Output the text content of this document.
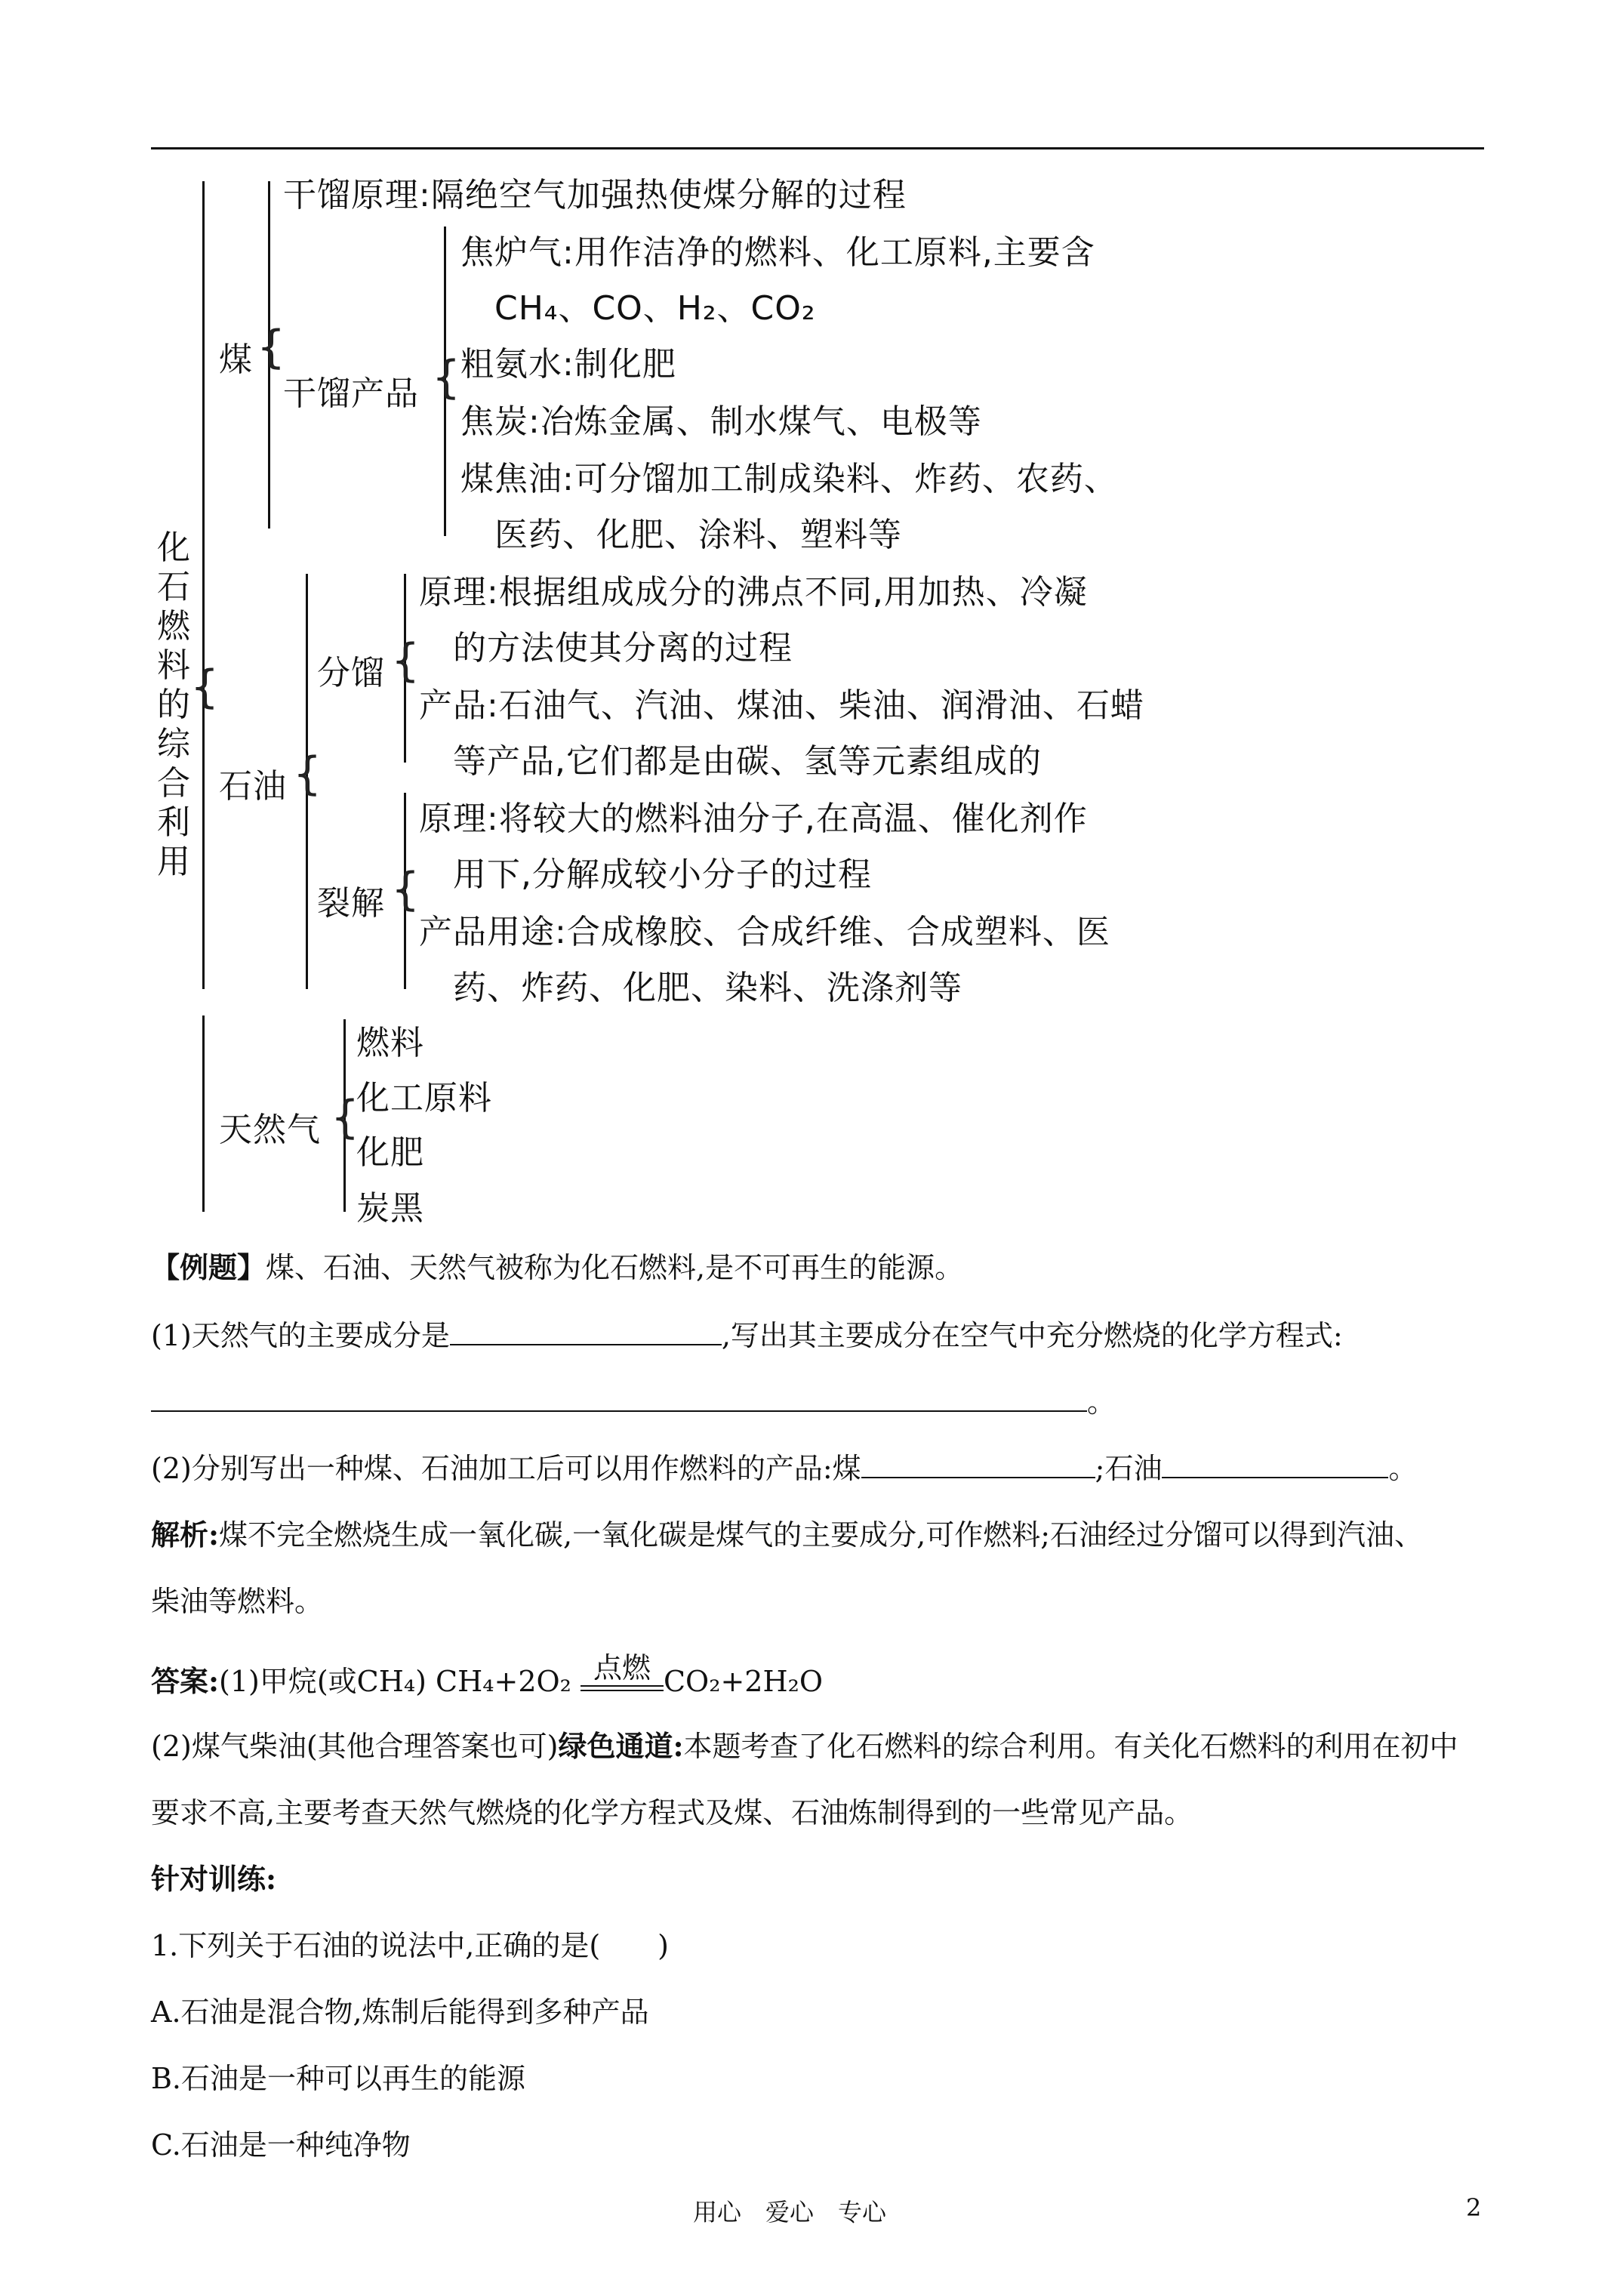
化石燃料的综合利用
{
煤 {
干馏原理:隔绝空气加强热使煤分解的过程
干馏产品 {
焦炉气:用作洁净的燃料、化工原料,主要含
CH₄、CO、H₂、CO₂
粗氨水:制化肥
焦炭:冶炼金属、制水煤气、电极等
煤焦油:可分馏加工制成染料、炸药、农药、
医药、化肥、涂料、塑料等
石油 {
分馏 {
原理:根据组成成分的沸点不同,用加热、冷凝
的方法使其分离的过程
产品:石油气、汽油、煤油、柴油、润滑油、石蜡
等产品,它们都是由碳、氢等元素组成的
裂解 {
原理:将较大的燃料油分子,在高温、催化剂作
用下,分解成较小分子的过程
产品用途:合成橡胶、合成纤维、合成塑料、医
药、炸药、化肥、染料、洗涤剂等
天然气 {
燃料
化工原料
化肥
炭黑
【例题】煤、石油、天然气被称为化石燃料,是不可再生的能源。
(1)天然气的主要成分是	,写出其主要成分在空气中充分燃烧的化学方程式:
。
(2)分别写出一种煤、石油加工后可以用作燃料的产品:煤	;石油	。
解析:煤不完全燃烧生成一氧化碳,一氧化碳是煤气的主要成分,可作燃料;石油经过分馏可以得到汽油、
柴油等燃料。
答案:(1)甲烷(或CH₄) CH₄+2O₂ 点燃 CO₂+2H₂O
(2)煤气柴油(其他合理答案也可)绿色通道:本题考查了化石燃料的综合利用。有关化石燃料的利用在初中
要求不高,主要考查天然气燃烧的化学方程式及煤、石油炼制得到的一些常见产品。
针对训练:
1.下列关于石油的说法中,正确的是(　　)
A.石油是混合物,炼制后能得到多种产品
B.石油是一种可以再生的能源
C.石油是一种纯净物
用心　爱心　专心	2
